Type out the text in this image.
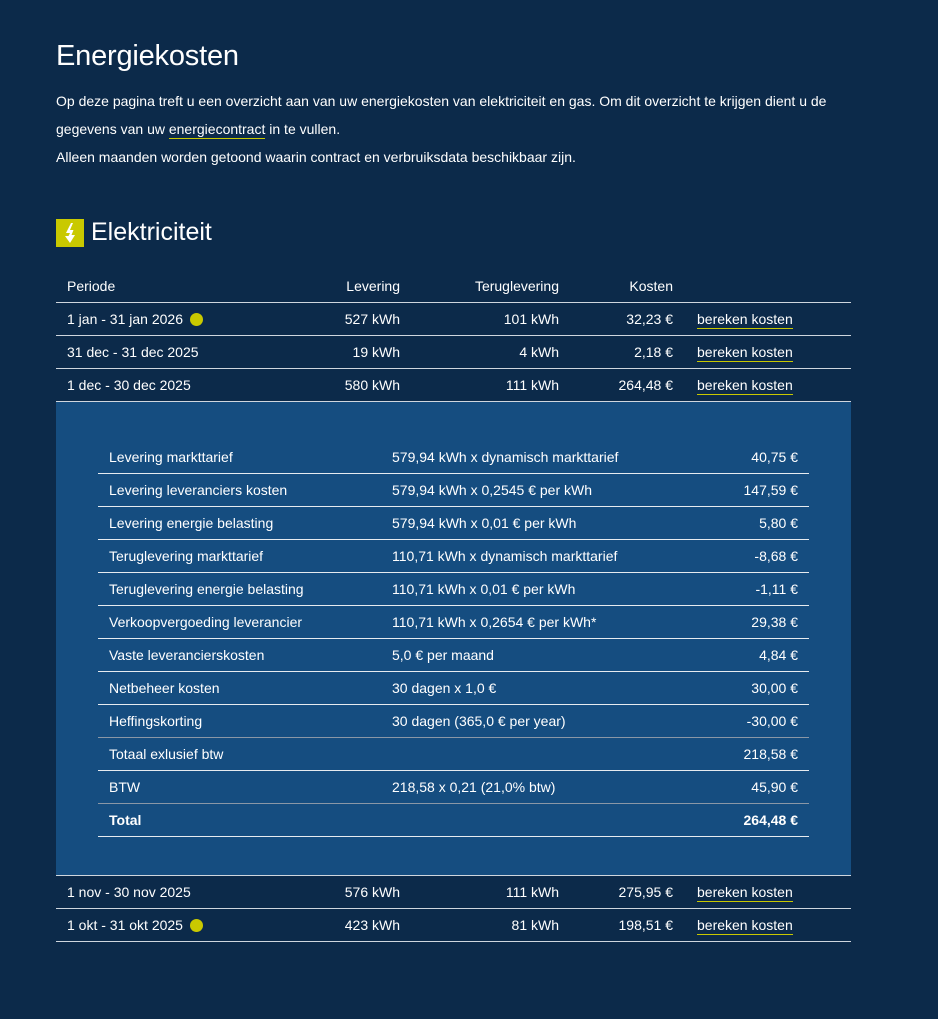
Energiekosten

Op deze pagina treft u een overzicht aan van uw energiekosten van elektriciteit en gas. Om dit overzicht te krijgen dient u de gegevens van uw energiecontract in te vullen.

Alleen maanden worden getoond waarin contract en verbruiksdata beschikbaar zijn.

Elektriciteit
Periode	Levering	Teruglevering	Kosten	
1 jan - 31 jan 2026	527 kWh	101 kWh	32,23 €	bereken kosten
31 dec - 31 dec 2025	19 kWh	4 kWh	2,18 €	bereken kosten
1 dec - 30 dec 2025	580 kWh	111 kWh	264,48 €	bereken kosten

Levering markttarief	579,94 kWh x dynamisch markttarief	40,75 €
Levering leveranciers kosten	579,94 kWh x 0,2545 € per kWh	147,59 €
Levering energie belasting	579,94 kWh x 0,01 € per kWh	5,80 €
Teruglevering markttarief	110,71 kWh x dynamisch markttarief	-8,68 €
Teruglevering energie belasting	110,71 kWh x 0,01 € per kWh	-1,11 €
Verkoopvergoeding leverancier	110,71 kWh x 0,2654 € per kWh*	29,38 €
Vaste leverancierskosten	5,0 € per maand	4,84 €
Netbeheer kosten	30 dagen x 1,0 €	30,00 €
Heffingskorting	30 dagen (365,0 € per year)	-30,00 €
Totaal exlusief btw		218,58 €
BTW	218,58 x 0,21 (21,0% btw)	45,90 €
Total		264,48 €

1 nov - 30 nov 2025	576 kWh	111 kWh	275,95 €	bereken kosten
1 okt - 31 okt 2025	423 kWh	81 kWh	198,51 €	bereken kosten
